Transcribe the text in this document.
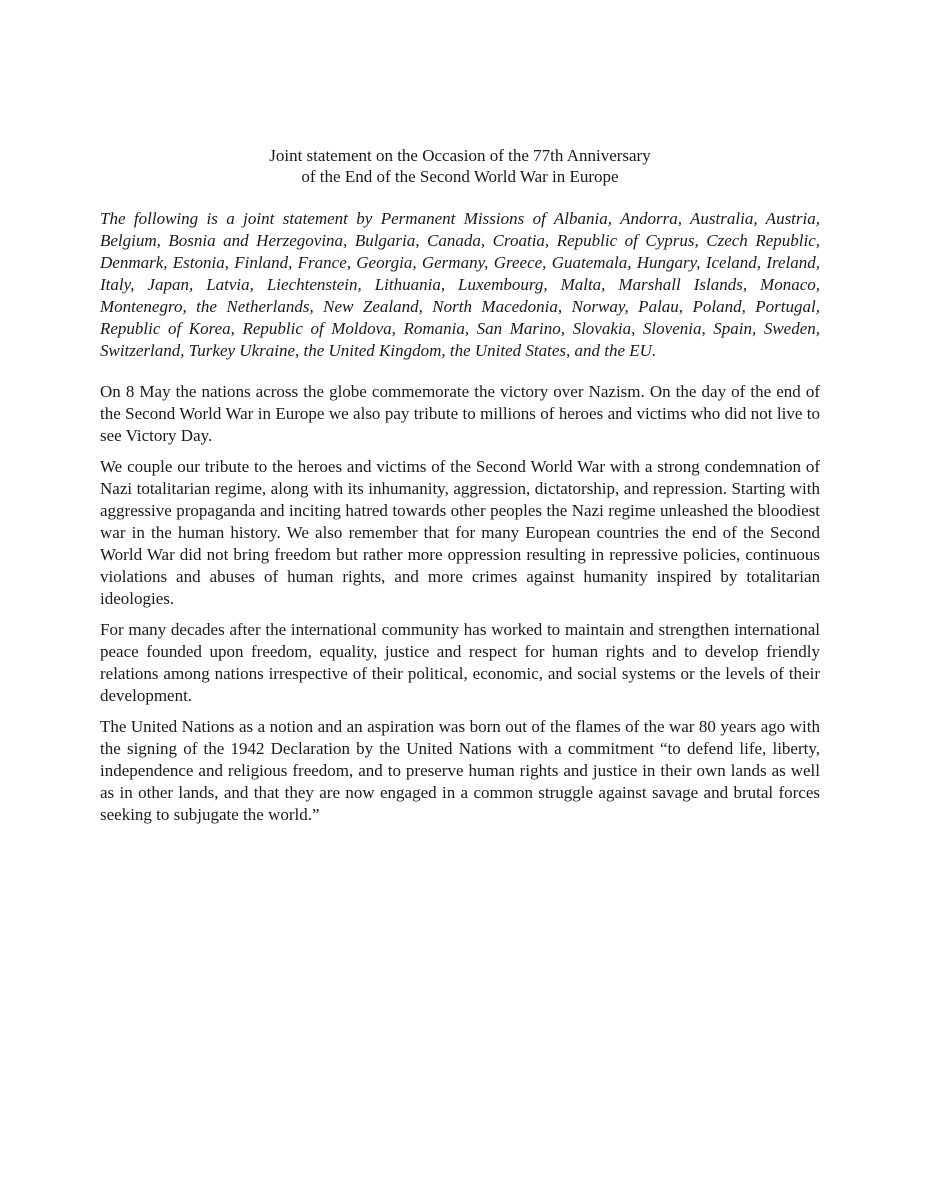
Joint statement on the Occasion of the 77th Anniversary
of the End of the Second World War in Europe

The following is a joint statement by Permanent Missions of Albania, Andorra, Australia, Austria, Belgium, Bosnia and Herzegovina, Bulgaria, Canada, Croatia, Republic of Cyprus, Czech Republic, Denmark, Estonia, Finland, France, Georgia, Germany, Greece, Guatemala, Hungary, Iceland, Ireland, Italy, Japan, Latvia, Liechtenstein, Lithuania, Luxembourg, Malta, Marshall Islands, Monaco, Montenegro, the Netherlands, New Zealand, North Macedonia, Norway, Palau, Poland, Portugal, Republic of Korea, Republic of Moldova, Romania, San Marino, Slovakia, Slovenia, Spain, Sweden, Switzerland, Turkey Ukraine, the United Kingdom, the United States, and the EU.

On 8 May the nations across the globe commemorate the victory over Nazism. On the day of the end of the Second World War in Europe we also pay tribute to millions of heroes and victims who did not live to see Victory Day.

We couple our tribute to the heroes and victims of the Second World War with a strong condemnation of Nazi totalitarian regime, along with its inhumanity, aggression, dictatorship, and repression. Starting with aggressive propaganda and inciting hatred towards other peoples the Nazi regime unleashed the bloodiest war in the human history. We also remember that for many European countries the end of the Second World War did not bring freedom but rather more oppression resulting in repressive policies, continuous violations and abuses of human rights, and more crimes against humanity inspired by totalitarian ideologies.

For many decades after the international community has worked to maintain and strengthen international peace founded upon freedom, equality, justice and respect for human rights and to develop friendly relations among nations irrespective of their political, economic, and social systems or the levels of their development.

The United Nations as a notion and an aspiration was born out of the flames of the war 80 years ago with the signing of the 1942 Declaration by the United Nations with a commitment “to defend life, liberty, independence and religious freedom, and to preserve human rights and justice in their own lands as well as in other lands, and that they are now engaged in a common struggle against savage and brutal forces seeking to subjugate the world.”
